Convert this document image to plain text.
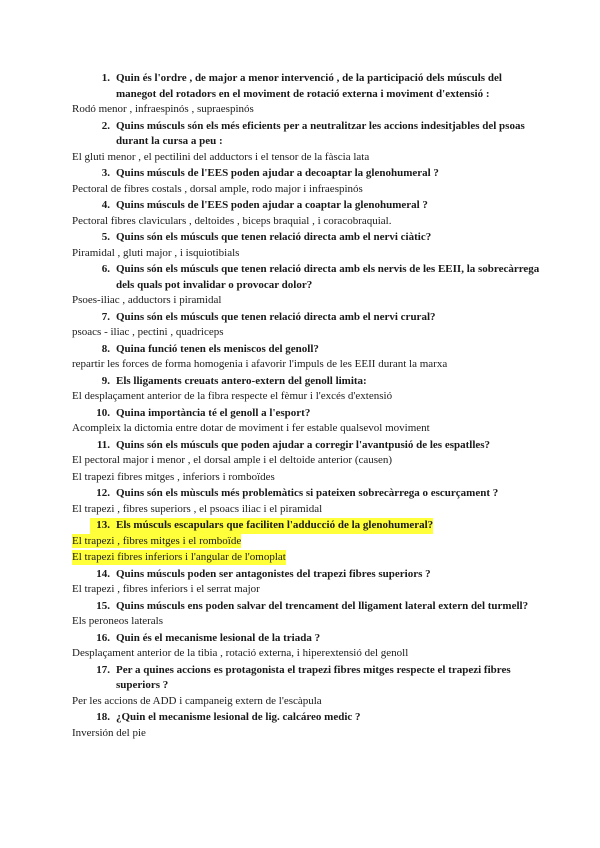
1. Quin és l'ordre , de major a menor intervenció , de la participació dels músculs del manegot del rotadors en el moviment de rotació externa i moviment d'extensió :
Rodó menor , infraespinós , supraespinós
2. Quins músculs són els més eficients per a neutralitzar les accions indesitjables del psoas durant la cursa a peu :
El gluti menor , el pectilini del adductors i el tensor de la fàscia lata
3. Quins músculs de l'EES poden ajudar a decoaptar la glenohumeral ?
Pectoral de fibres costals , dorsal ample, rodo major i infraespinós
4. Quins músculs de l'EES poden ajudar a coaptar la glenohumeral ?
Pectoral fibres claviculars , deltoides , biceps braquial , i coracobraquial.
5. Quins són els músculs que tenen relació directa amb el nervi ciàtic?
Piramidal , gluti major , i isquiotibials
6. Quins són els músculs que tenen relació directa amb els nervis de les EEII, la sobrecàrrega dels quals pot invalidar o provocar dolor?
Psoes-iliac , adductors i piramidal
7. Quins són els músculs que tenen relació directa amb el nervi crural?
psoacs - iliac , pectini , quadriceps
8. Quina funció tenen els meniscos del genoll?
repartir les forces de forma homogenia i afavorir l'impuls de les EEII durant la marxa
9. Els lligaments creuats antero-extern del genoll limita:
El desplaçament anterior de la fibra respecte el fèmur i l'excés d'extensió
10. Quina importància té el genoll a l'esport?
Acompleix la dictomia entre dotar de moviment i fer estable qualsevol moviment
11. Quins són els músculs que poden ajudar a corregir l'avantpusió de les espatlles?
El pectoral major i menor , el dorsal ample i el deltoide anterior (causen)
El trapezi fibres mitges , inferiors i romboïdes
12. Quins són els mùsculs més problemàtics si pateixen sobrecàrrega o escurçament ?
El trapezi , fibres superiors , el psoacs iliac i el piramidal
13. Els músculs escapulars que faciliten l'adducció de la glenohumeral?
El trapezi , fibres mitges i el romboïde
El trapezi fibres inferiors i l'angular de l'omoplat
14. Quins músculs poden ser antagonistes del trapezi fibres superiors ?
El trapezi , fibres inferiors i el serrat major
15. Quins músculs ens poden salvar del trencament del lligament lateral extern del turmell?
Els peroneos laterals
16. Quin és el mecanisme lesional de la triada ?
Desplaçament anterior de la tibia , rotació externa, i hiperextensió del genoll
17. Per a quines accions es protagonista el trapezi fibres mitges respecte el trapezi fibres superiors ?
Per les accions de ADD i campaneig extern de l'escàpula
18. ¿Quin el mecanisme lesional de lig. calcáreo medic ?
Inversión del pie
